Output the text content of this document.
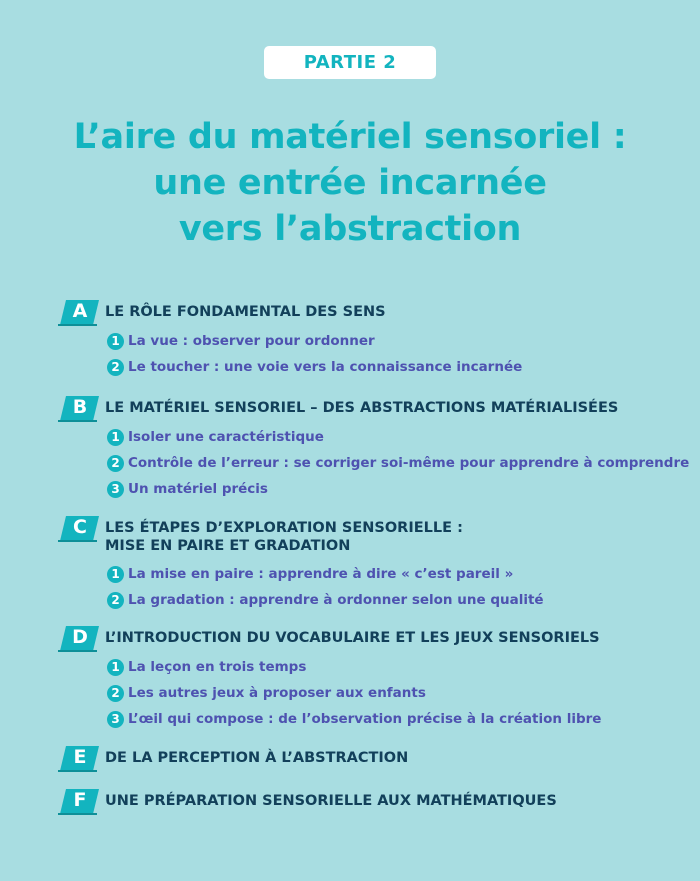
PARTIE 2
L’aire du matériel sensoriel :
une entrée incarnée
vers l’abstraction
A LE RÔLE FONDAMENTAL DES SENS
1 La vue : observer pour ordonner
2 Le toucher : une voie vers la connaissance incarnée
B LE MATÉRIEL SENSORIEL – DES ABSTRACTIONS MATÉRIALISÉES
1 Isoler une caractéristique
2 Contrôle de l’erreur : se corriger soi-même pour apprendre à comprendre
3 Un matériel précis
C LES ÉTAPES D’EXPLORATION SENSORIELLE :
MISE EN PAIRE ET GRADATION
1 La mise en paire : apprendre à dire « c’est pareil »
2 La gradation : apprendre à ordonner selon une qualité
D L’INTRODUCTION DU VOCABULAIRE ET LES JEUX SENSORIELS
1 La leçon en trois temps
2 Les autres jeux à proposer aux enfants
3 L’œil qui compose : de l’observation précise à la création libre
E	DE LA PERCEPTION À L’ABSTRACTION
F	UNE PRÉPARATION SENSORIELLE AUX MATHÉMATIQUES
